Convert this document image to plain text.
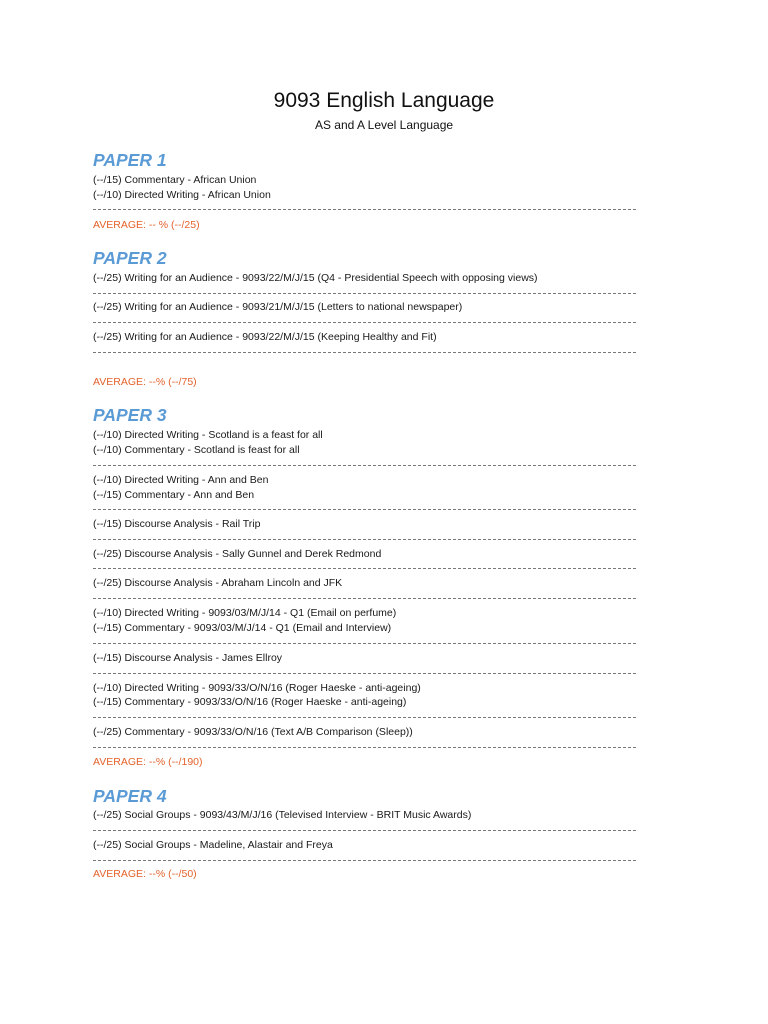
9093 English Language
AS and A Level Language
PAPER 1
(--/15) Commentary - African Union
(--/10) Directed Writing - African Union
AVERAGE: -- % (--/25)
PAPER 2
(--/25) Writing for an Audience - 9093/22/M/J/15 (Q4 - Presidential Speech with opposing views)
(--/25) Writing for an Audience - 9093/21/M/J/15 (Letters to national newspaper)
(--/25) Writing for an Audience - 9093/22/M/J/15 (Keeping Healthy and Fit)
AVERAGE: --% (--/75)
PAPER 3
(--/10) Directed Writing - Scotland is a feast for all
(--/10) Commentary - Scotland is feast for all
(--/10) Directed Writing - Ann and Ben
(--/15) Commentary - Ann and Ben
(--/15) Discourse Analysis - Rail Trip
(--/25) Discourse Analysis - Sally Gunnel and Derek Redmond
(--/25) Discourse Analysis - Abraham Lincoln and JFK
(--/10) Directed Writing - 9093/03/M/J/14 - Q1 (Email on perfume)
(--/15) Commentary - 9093/03/M/J/14 - Q1 (Email and Interview)
(--/15) Discourse Analysis - James Ellroy
(--/10) Directed Writing - 9093/33/O/N/16 (Roger Haeske - anti-ageing)
(--/15) Commentary - 9093/33/O/N/16 (Roger Haeske - anti-ageing)
(--/25) Commentary - 9093/33/O/N/16 (Text A/B Comparison (Sleep))
AVERAGE: --% (--/190)
PAPER 4
(--/25) Social Groups - 9093/43/M/J/16 (Televised Interview - BRIT Music Awards)
(--/25) Social Groups - Madeline, Alastair and Freya
AVERAGE: --% (--/50)
